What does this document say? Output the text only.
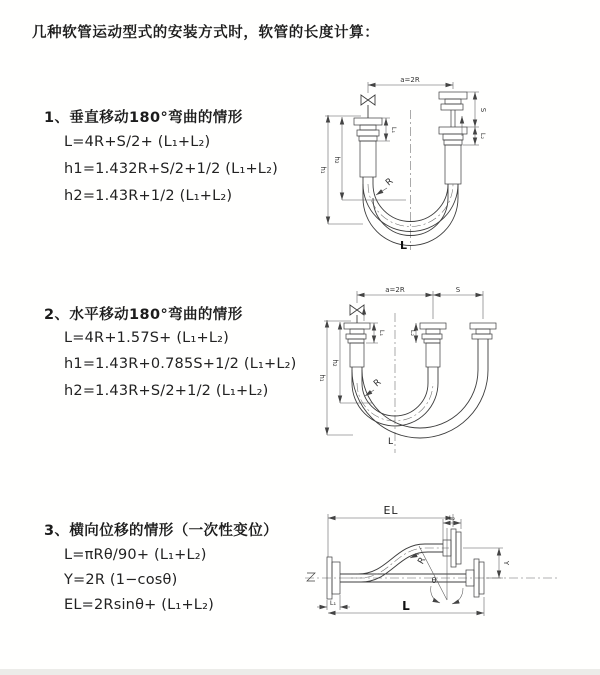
几种软管运动型式的安装方式时，软管的长度计算：
1、垂直移动180°弯曲的情形
L=4R+S/2+ (L₁+L₂)
h1=1.432R+S/2+1/2 (L₁+L₂)
h2=1.43R+1/2 (L₁+L₂)
2、水平移动180°弯曲的情形
L=4R+1.57S+ (L₁+L₂)
h1=1.43R+0.785S+1/2 (L₁+L₂)
h2=1.43R+S/2+1/2 (L₁+L₂)
3、横向位移的情形（一次性变位）
L=πRθ/90+ (L₁+L₂)
Y=2R (1−cosθ)
EL=2Rsinθ+ (L₁+L₂)
a=2R
h₁
h₂
L₁
S
L₂
R
L
a=2R	S
h₁
h₂
L₁	L₂
R
L
EL
L₂
Y
θ
R
L₁	L
